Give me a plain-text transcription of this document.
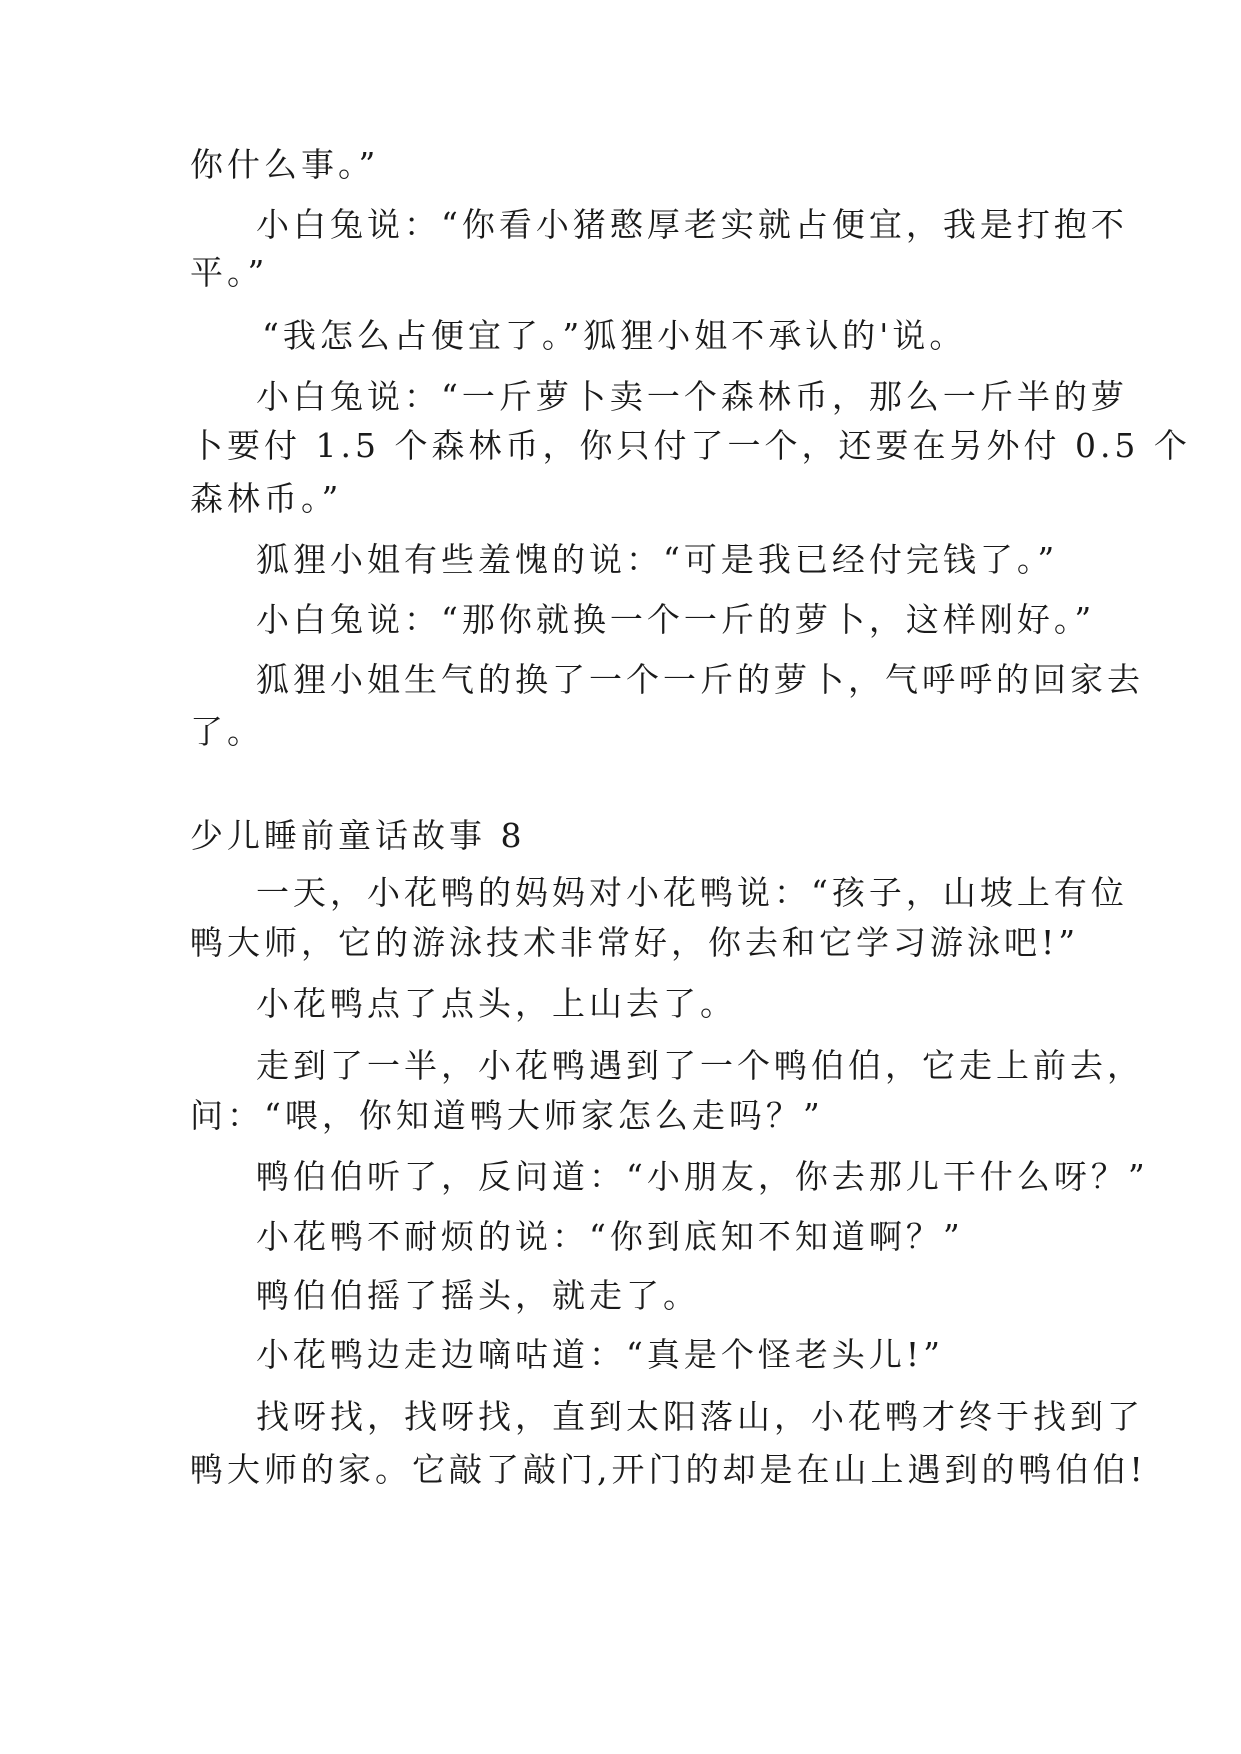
你什么事。”
小白兔说：“你看小猪憨厚老实就占便宜，我是打抱不
平。”
“我怎么占便宜了。”狐狸小姐不承认的'说。
小白兔说：“一斤萝卜卖一个森林币，那么一斤半的萝
卜要付 1.5 个森林币，你只付了一个，还要在另外付 0.5 个
森林币。”
狐狸小姐有些羞愧的说：“可是我已经付完钱了。”
小白兔说：“那你就换一个一斤的萝卜，这样刚好。”
狐狸小姐生气的换了一个一斤的萝卜，气呼呼的回家去
了。
少儿睡前童话故事 8
一天，小花鸭的妈妈对小花鸭说：“孩子，山坡上有位
鸭大师，它的游泳技术非常好，你去和它学习游泳吧!”
小花鸭点了点头，上山去了。
走到了一半，小花鸭遇到了一个鸭伯伯，它走上前去，
问：“喂，你知道鸭大师家怎么走吗？”
鸭伯伯听了，反问道：“小朋友，你去那儿干什么呀？”
小花鸭不耐烦的说：“你到底知不知道啊？”
鸭伯伯摇了摇头，就走了。
小花鸭边走边嘀咕道：“真是个怪老头儿!”
找呀找，找呀找，直到太阳落山，小花鸭才终于找到了
鸭大师的家。它敲了敲门,开门的却是在山上遇到的鸭伯伯!
